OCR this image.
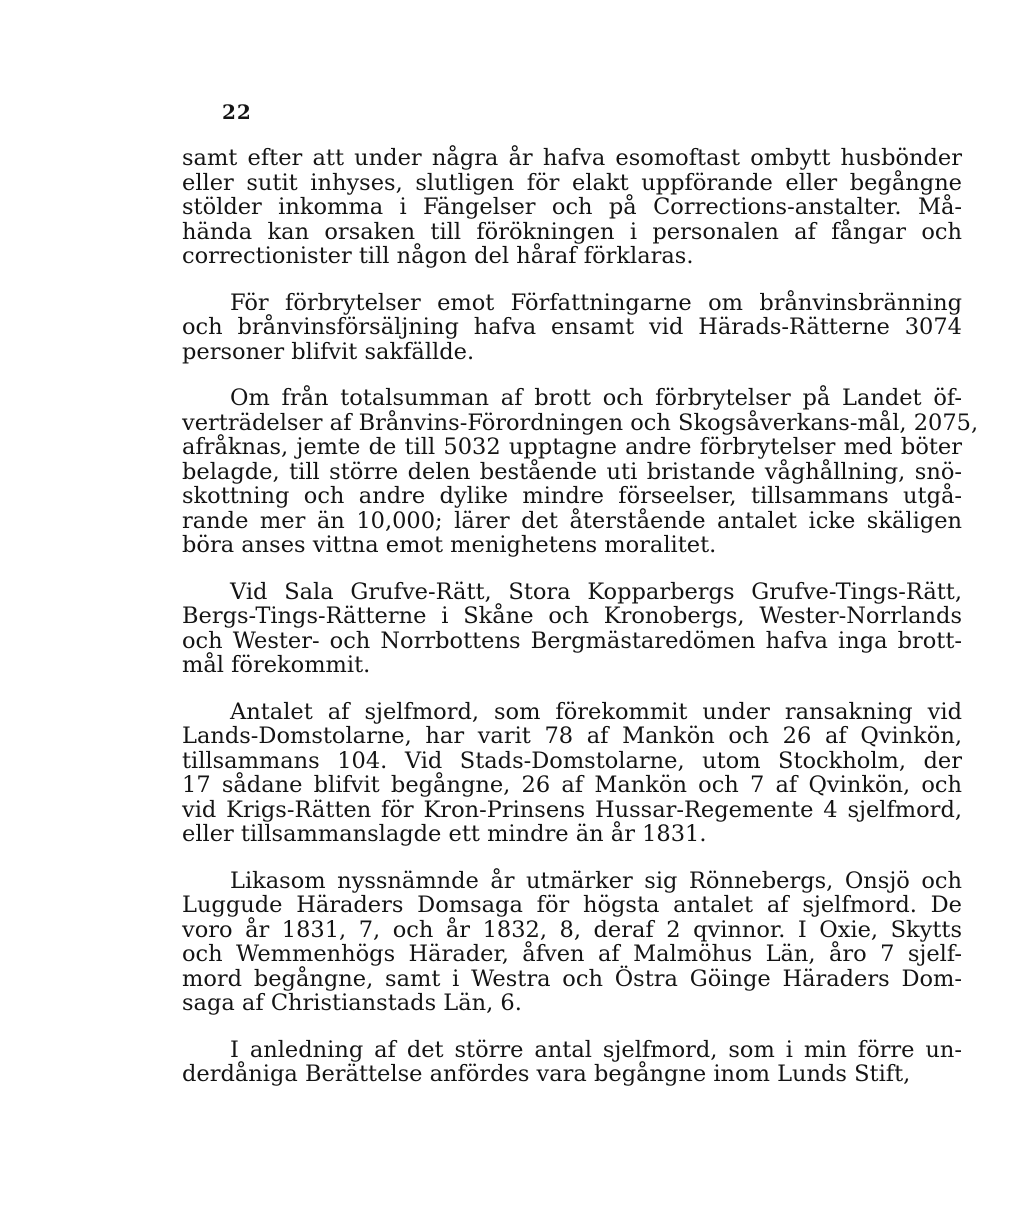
22

samt efter att under några år hafva esomoftast ombytt husbönder
eller sutit inhyses, slutligen för elakt uppförande eller begångne
stölder inkomma i Fängelser och på Corrections-anstalter. Må-
hända kan orsaken till förökningen i personalen af fångar och
correctionister till någon del håraf förklaras.

För förbrytelser emot Författningarne om brånvinsbränning
och brånvinsförsäljning hafva ensamt vid Härads-Rätterne 3074
personer blifvit sakfällde.

Om från totalsumman af brott och förbrytelser på Landet öf-
verträdelser af Brånvins-Förordningen och Skogsåverkans-mål, 2075,
afråknas, jemte de till 5032 upptagne andre förbrytelser med böter
belagde, till större delen bestående uti bristande våghållning, snö-
skottning och andre dylike mindre förseelser, tillsammans utgå-
rande mer än 10,000; lärer det återstående antalet icke skäligen
böra anses vittna emot menighetens moralitet.

Vid Sala Grufve-Rätt, Stora Kopparbergs Grufve-Tings-Rätt,
Bergs-Tings-Rätterne i Skåne och Kronobergs, Wester-Norrlands
och Wester- och Norrbottens Bergmästaredömen hafva inga brott-
mål förekommit.

Antalet af sjelfmord, som förekommit under ransakning vid
Lands-Domstolarne, har varit 78 af Mankön och 26 af Qvinkön,
tillsammans 104. Vid Stads-Domstolarne, utom Stockholm, der
17 sådane blifvit begångne, 26 af Mankön och 7 af Qvinkön, och
vid Krigs-Rätten för Kron-Prinsens Hussar-Regemente 4 sjelfmord,
eller tillsammanslagde ett mindre än år 1831.

Likasom nyssnämnde år utmärker sig Rönnebergs, Onsjö och
Luggude Häraders Domsaga för högsta antalet af sjelfmord. De
voro år 1831, 7, och år 1832, 8, deraf 2 qvinnor. I Oxie, Skytts
och Wemmenhögs Härader, åfven af Malmöhus Län, åro 7 sjelf-
mord begångne, samt i Westra och Östra Göinge Häraders Dom-
saga af Christianstads Län, 6.

I anledning af det större antal sjelfmord, som i min förre un-
derdåniga Berättelse anfördes vara begångne inom Lunds Stift,
